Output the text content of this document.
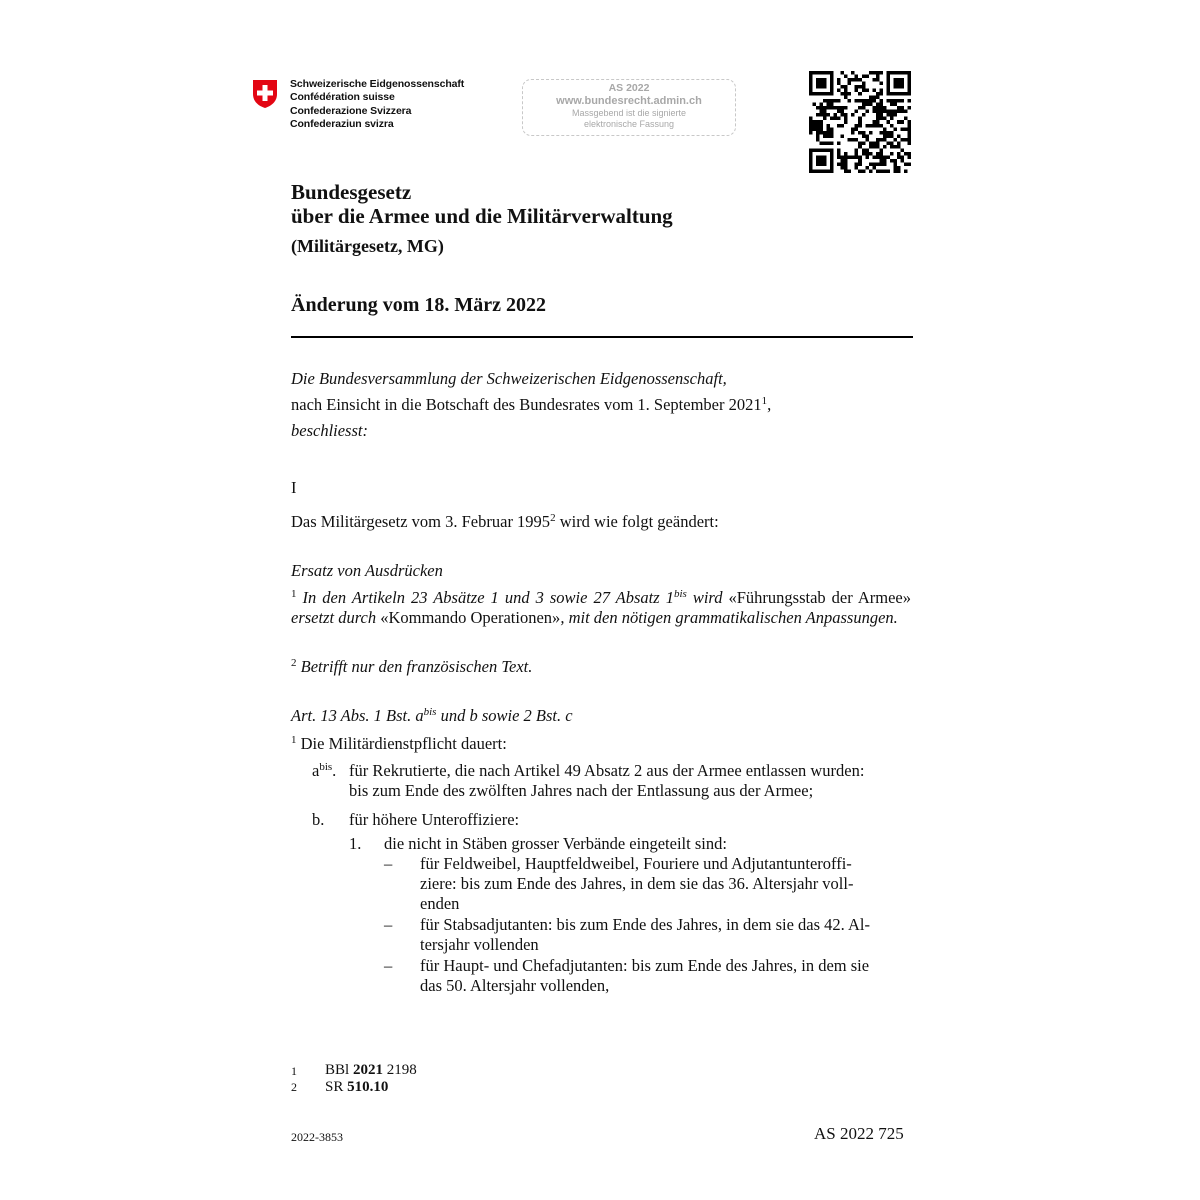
Schweizerische Eidgenossenschaft
Confédération suisse
Confederazione Svizzera
Confederaziun svizra
AS 2022
www.bundesrecht.admin.ch
Massgebend ist die signierte
elektronische Fassung
Bundesgesetz
über die Armee und die Militärverwaltung
(Militärgesetz, MG)
Änderung vom 18. März 2022
Die Bundesversammlung der Schweizerischen Eidgenossenschaft,
nach Einsicht in die Botschaft des Bundesrates vom 1. September 2021$^1$,
beschliesst:
I
Das Militärgesetz vom 3. Februar 1995$^2$ wird wie folgt geändert:
Ersatz von Ausdrücken
$^1$ In den Artikeln 23 Absätze 1 und 3 sowie 27 Absatz $1^{bis}$ wird «Führungsstab der Armee» ersetzt durch «Kommando Operationen», mit den nötigen grammatikalischen Anpassungen.
$^2$ Betrifft nur den französischen Text.
Art. 13 Abs. 1 Bst. $a^{bis}$ und b sowie 2 Bst. c
$^1$ Die Militärdienstpflicht dauert:
$a^{bis}$. für Rekrutierte, die nach Artikel 49 Absatz 2 aus der Armee entlassen wurden:
bis zum Ende des zwölften Jahres nach der Entlassung aus der Armee;
b. für höhere Unteroffiziere:
1. die nicht in Stäben grosser Verbände eingeteilt sind:
– für Feldweibel, Hauptfeldweibel, Fouriere und Adjutantunteroffi-
ziere: bis zum Ende des Jahres, in dem sie das 36. Altersjahr voll-
enden
– für Stabsadjutanten: bis zum Ende des Jahres, in dem sie das 42. Al-
tersjahr vollenden
– für Haupt- und Chefadjutanten: bis zum Ende des Jahres, in dem sie
das 50. Altersjahr vollenden,
1 BBl 2021 2198
2 SR 510.10
2022-3853	AS 2022 725
